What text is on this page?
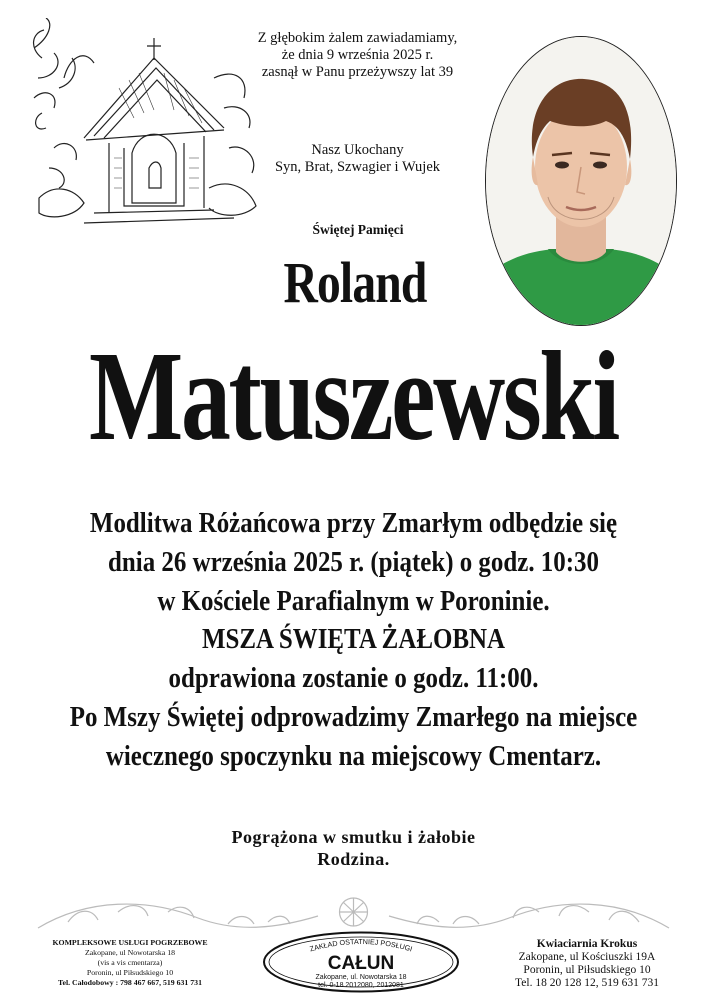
Z głębokim żalem zawiadamiamy,
że dnia 9 września 2025 r.
zasnął w Panu przeżywszy lat 39
Nasz Ukochany
Syn, Brat, Szwagier i Wujek
Świętej Pamięci
Roland
Matuszewski
Modlitwa Różańcowa przy Zmarłym odbędzie się
dnia 26 września 2025 r. (piątek) o godz. 10:30
w Kościele Parafialnym w Poroninie.
MSZA ŚWIĘTA ŻAŁOBNA
odprawiona zostanie o godz. 11:00.
Po Mszy Świętej odprowadzimy Zmarłego na miejsce
wiecznego spoczynku na miejscowy Cmentarz.
Pogrążona w smutku i żałobie
Rodzina.
KOMPLEKSOWE USŁUGI POGRZEBOWE
Zakopane, ul Nowotarska 18
(vis a vis cmentarza)
Poronin, ul Piłsudskiego 10
Tel. Całodobowy : 798 467 667, 519 631 731
ZAKŁAD OSTATNIEJ POSŁUGI
CAŁUN
Zakopane, ul. Nowotarska 18
tel. 0-18 2012080, 2012081
Kwiaciarnia Krokus
Zakopane, ul Kościuszki 19A
Poronin, ul Piłsudskiego 10
Tel. 18 20 128 12, 519 631 731
